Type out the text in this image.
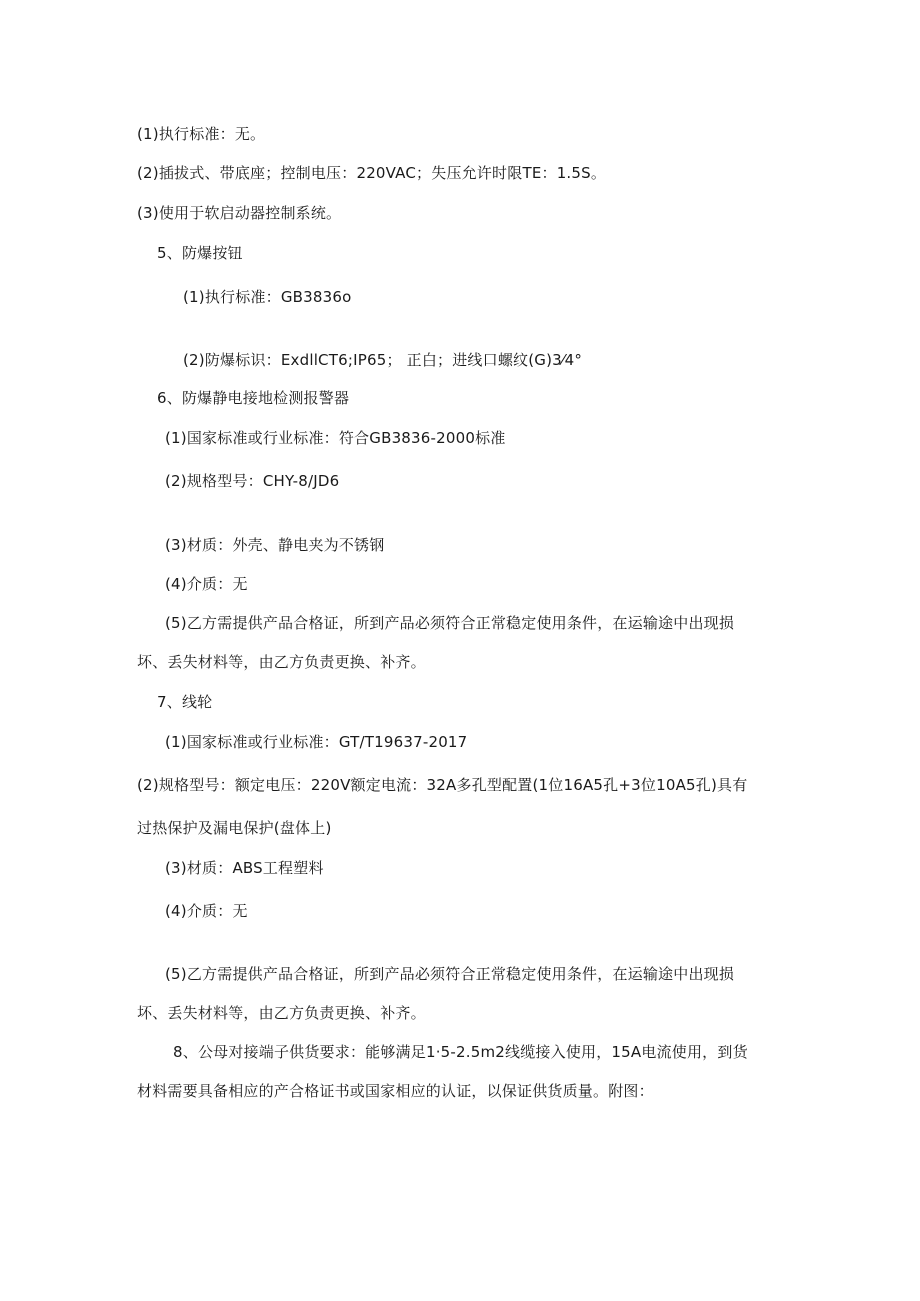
(1)执行标准：无。
(2)插拔式、带底座；控制电压：220VAC；失压允许时限TE：1.5S。
(3)使用于软启动器控制系统。
5、防爆按钮
(1)执行标准：GB3836o
(2)防爆标识：ExdllCT6;IP65； 正白；进线口螺纹(G)3⁄4°
6、防爆静电接地检测报警器
(1)国家标准或行业标准：符合GB3836-2000标准
(2)规格型号：CHY-8/JD6
(3)材质：外壳、静电夹为不锈钢
(4)介质：无
(5)乙方需提供产品合格证，所到产品必须符合正常稳定使用条件，在运输途中出现损
坏、丢失材料等，由乙方负责更换、补齐。
7、线轮
(1)国家标准或行业标准：GT/T19637-2017
(2)规格型号：额定电压：220V额定电流：32A多孔型配置(1位16A5孔+3位10A5孔)具有
过热保护及漏电保护(盘体上)
(3)材质：ABS工程塑料
(4)介质：无
(5)乙方需提供产品合格证，所到产品必须符合正常稳定使用条件，在运输途中出现损
坏、丢失材料等，由乙方负责更换、补齐。
8、公母对接端子供货要求：能够满足1·5-2.5m2线缆接入使用，15A电流使用，到货
材料需要具备相应的产合格证书或国家相应的认证，以保证供货质量。附图：
